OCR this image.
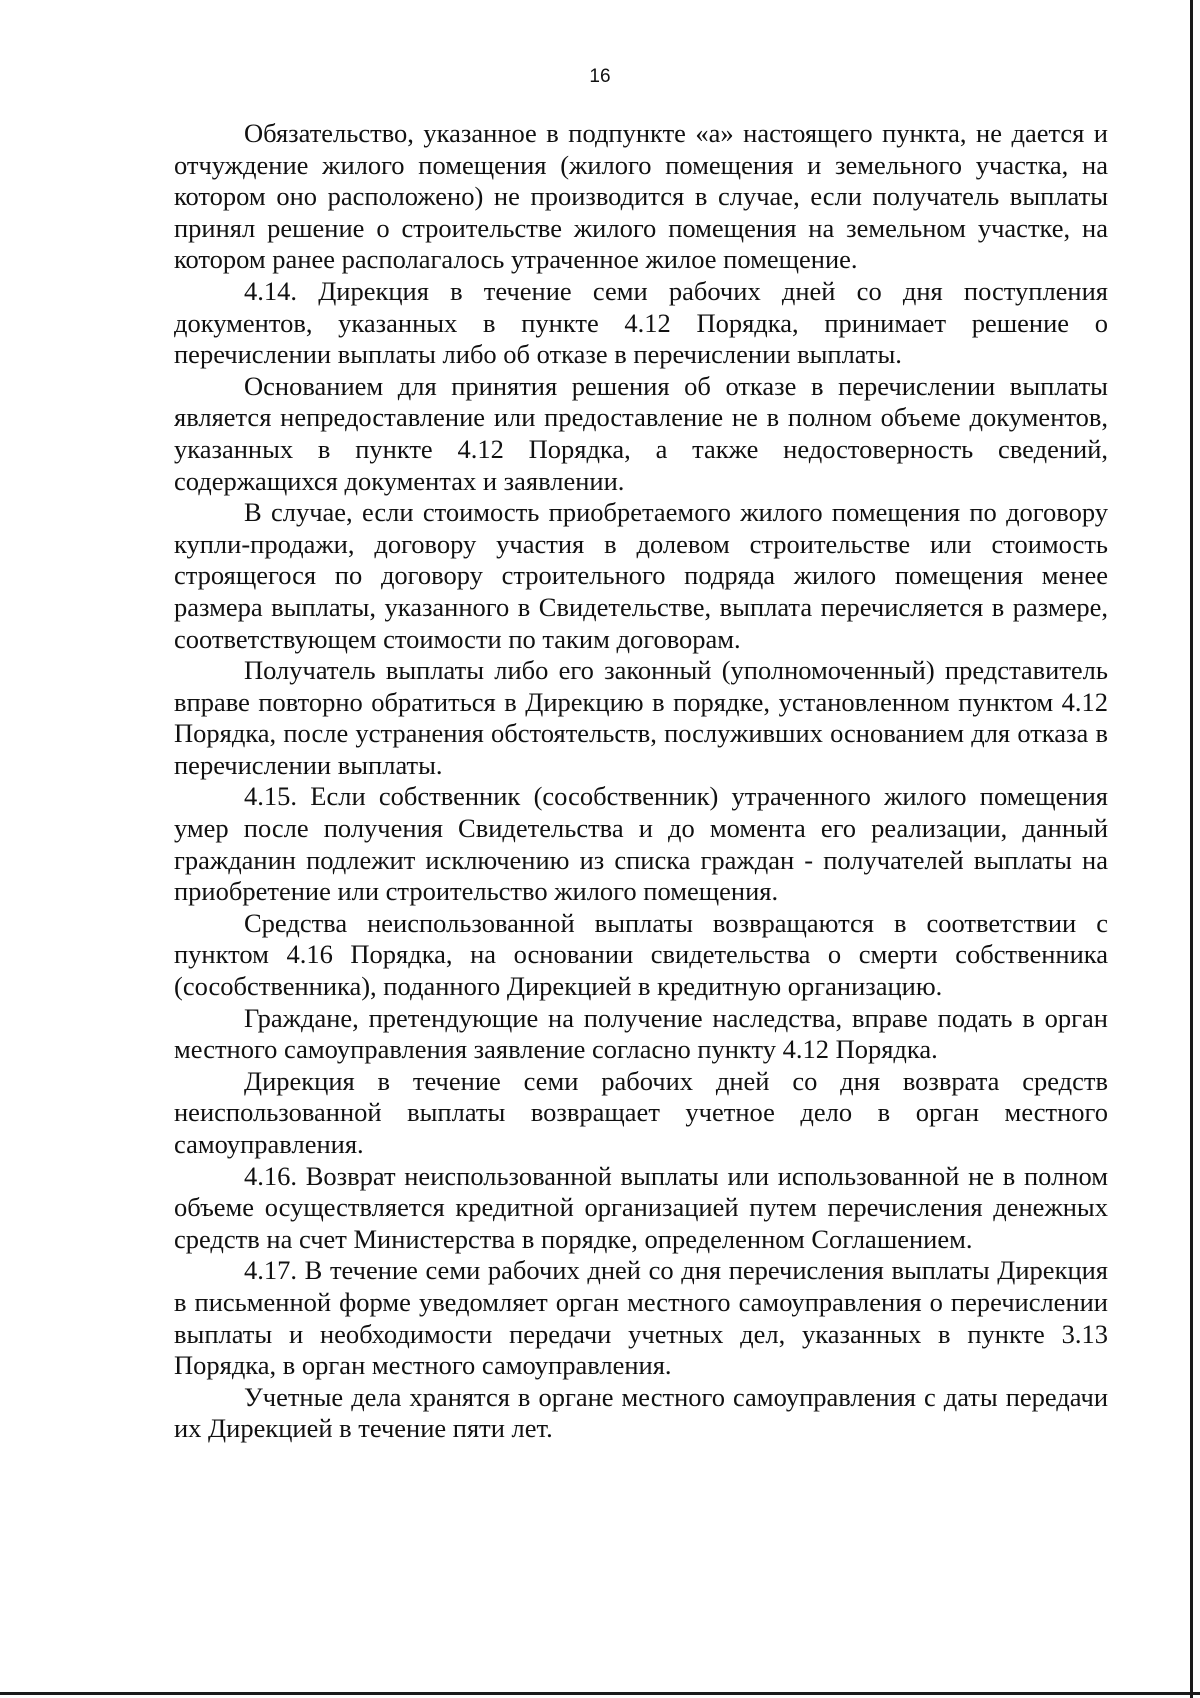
16

Обязательство, указанное в подпункте «а» настоящего пункта, не дается и отчуждение жилого помещения (жилого помещения и земельного участка, на котором оно расположено) не производится в случае, если получатель выплаты принял решение о строительстве жилого помещения на земельном участке, на котором ранее располагалось утраченное жилое помещение.

4.14. Дирекция в течение семи рабочих дней со дня поступления документов, указанных в пункте 4.12 Порядка, принимает решение о перечислении выплаты либо об отказе в перечислении выплаты.

Основанием для принятия решения об отказе в перечислении выплаты является непредоставление или предоставление не в полном объеме документов, указанных в пункте 4.12 Порядка, а также недостоверность сведений, содержащихся документах и заявлении.

В случае, если стоимость приобретаемого жилого помещения по договору купли-продажи, договору участия в долевом строительстве или стоимость строящегося по договору строительного подряда жилого помещения менее размера выплаты, указанного в Свидетельстве, выплата перечисляется в размере, соответствующем стоимости по таким договорам.

Получатель выплаты либо его законный (уполномоченный) представитель вправе повторно обратиться в Дирекцию в порядке, установленном пунктом 4.12 Порядка, после устранения обстоятельств, послуживших основанием для отказа в перечислении выплаты.

4.15. Если собственник (сособственник) утраченного жилого помещения умер после получения Свидетельства и до момента его реализации, данный гражданин подлежит исключению из списка граждан - получателей выплаты на приобретение или строительство жилого помещения.

Средства неиспользованной выплаты возвращаются в соответствии с пунктом 4.16 Порядка, на основании свидетельства о смерти собственника (сособственника), поданного Дирекцией в кредитную организацию.

Граждане, претендующие на получение наследства, вправе подать в орган местного самоуправления заявление согласно пункту 4.12 Порядка.

Дирекция в течение семи рабочих дней со дня возврата средств неиспользованной выплаты возвращает учетное дело в орган местного самоуправления.

4.16. Возврат неиспользованной выплаты или использованной не в полном объеме осуществляется кредитной организацией путем перечисления денежных средств на счет Министерства в порядке, определенном Соглашением.

4.17. В течение семи рабочих дней со дня перечисления выплаты Дирекция в письменной форме уведомляет орган местного самоуправления о перечислении выплаты и необходимости передачи учетных дел, указанных в пункте 3.13 Порядка, в орган местного самоуправления.

Учетные дела хранятся в органе местного самоуправления с даты передачи их Дирекцией в течение пяти лет.
